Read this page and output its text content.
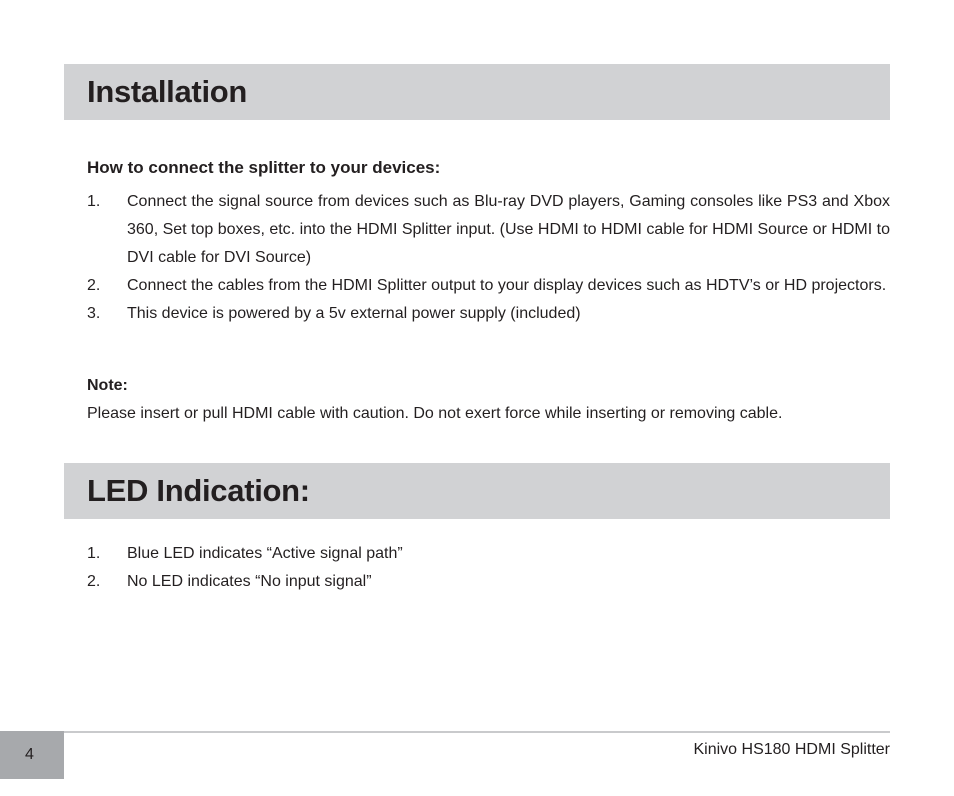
Installation
How to connect the splitter to your devices:
1. Connect the signal source from devices such as Blu-ray DVD players, Gaming consoles like PS3 and Xbox 360, Set top boxes, etc. into the HDMI Splitter input. (Use HDMI to HDMI cable for HDMI Source or HDMI to DVI cable for DVI Source)
2. Connect the cables from the HDMI Splitter output to your display devices such as HDTV’s or HD projectors.
3. This device is powered by a 5v external power supply (included)

Note:

Please insert or pull HDMI cable with caution. Do not exert force while inserting or removing cable.

LED Indication:
1. Blue LED indicates “Active signal path”
2. No LED indicates “No input signal”
4	Kinivo HS180 HDMI Splitter
